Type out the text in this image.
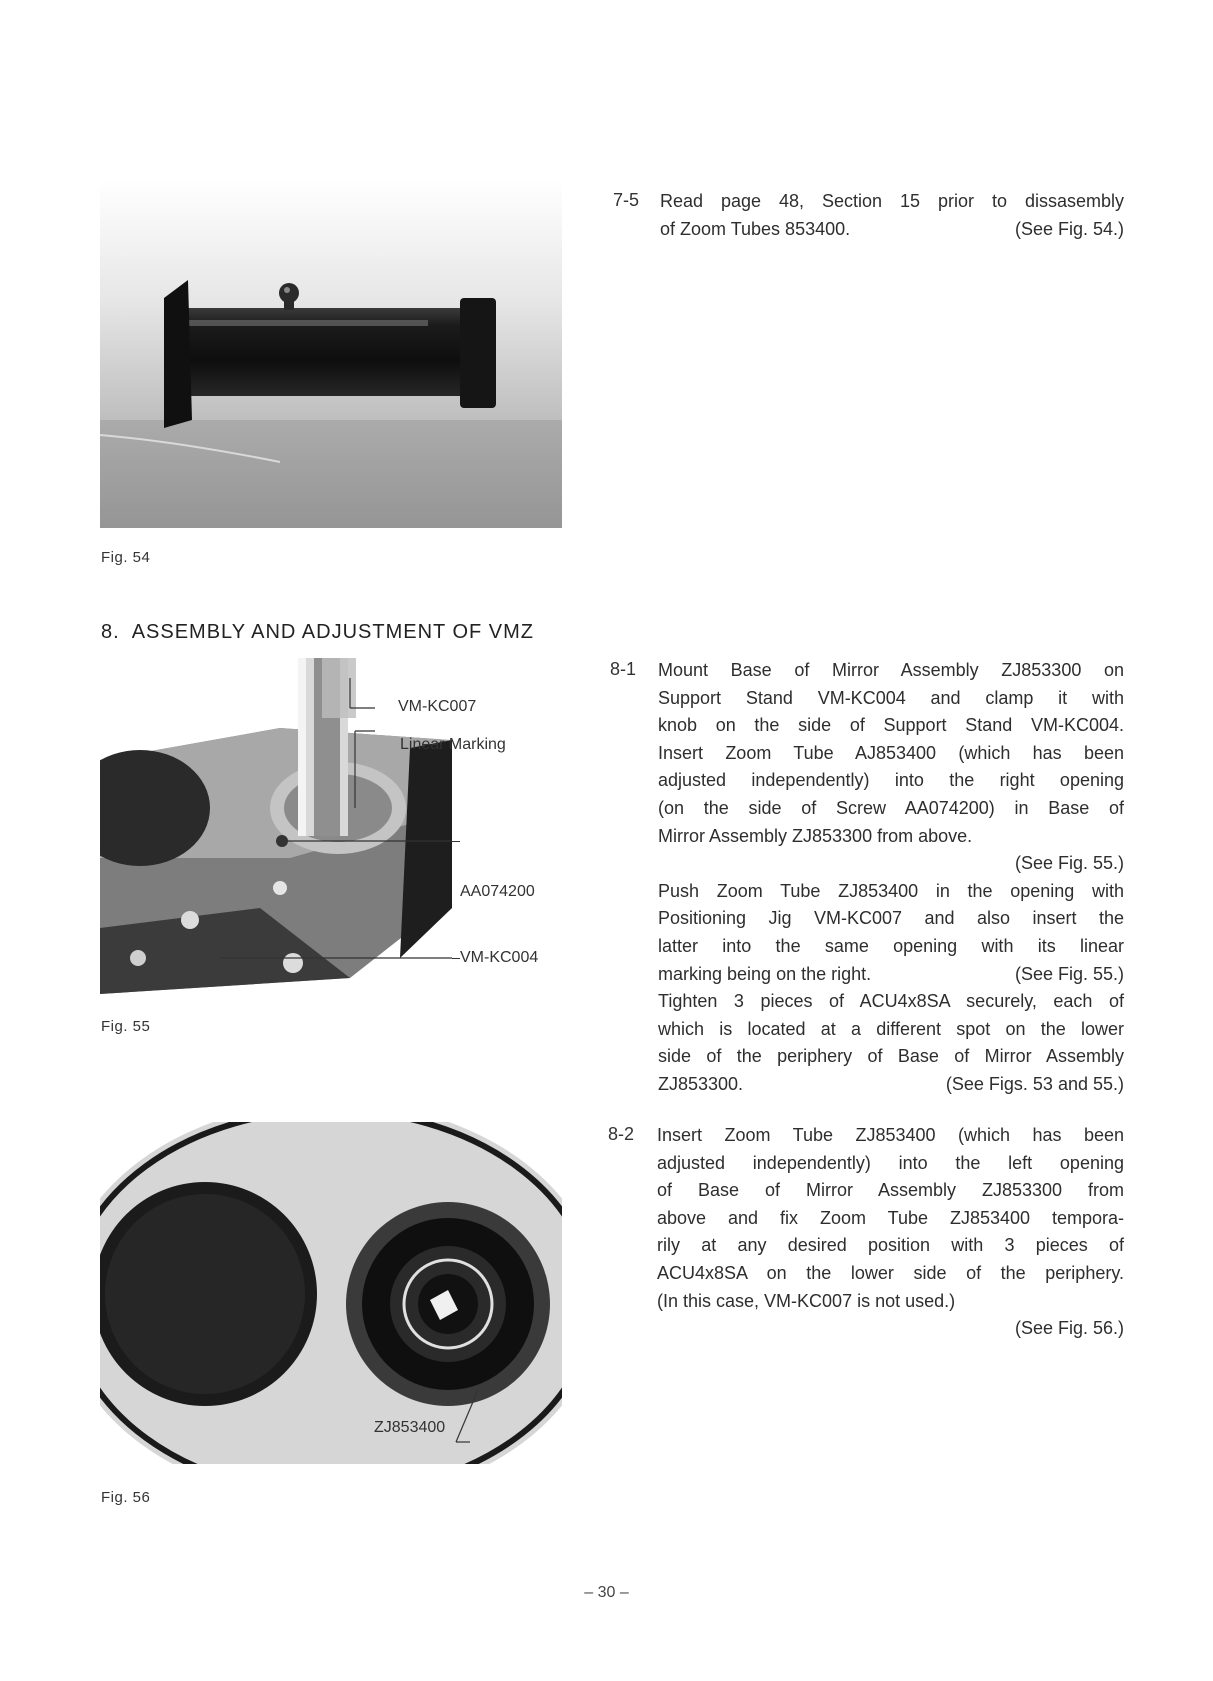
Fig. 54
7-5 Read page 48, Section 15 prior to dissasembly
of Zoom Tubes 853400.	(See Fig. 54.)
8.  ASSEMBLY AND ADJUSTMENT OF VMZ
VM-KC007
Linear Marking
AA074200
VM-KC004
Fig. 55
8-1 Mount Base of Mirror Assembly ZJ853300 on
Support Stand VM-KC004 and clamp it with
knob on the side of Support Stand VM-KC004.
Insert Zoom Tube AJ853400 (which has been
adjusted independently) into the right opening
(on the side of Screw AA074200) in Base of
Mirror Assembly ZJ853300 from above.
(See Fig. 55.)
Push Zoom Tube ZJ853400 in the opening with
Positioning Jig VM-KC007 and also insert the
latter into the same opening with its linear
marking being on the right.	(See Fig. 55.)
Tighten 3 pieces of ACU4x8SA securely, each of
which is located at a different spot on the lower
side of the periphery of Base of Mirror Assembly
ZJ853300.	(See Figs. 53 and 55.)
ZJ853400
Fig. 56
8-2 Insert Zoom Tube ZJ853400 (which has been
adjusted independently) into the left opening
of Base of Mirror Assembly ZJ853300 from
above and fix Zoom Tube ZJ853400 tempora-
rily at any desired position with 3 pieces of
ACU4x8SA on the lower side of the periphery.
(In this case, VM-KC007 is not used.)
(See Fig. 56.)
– 30 –
